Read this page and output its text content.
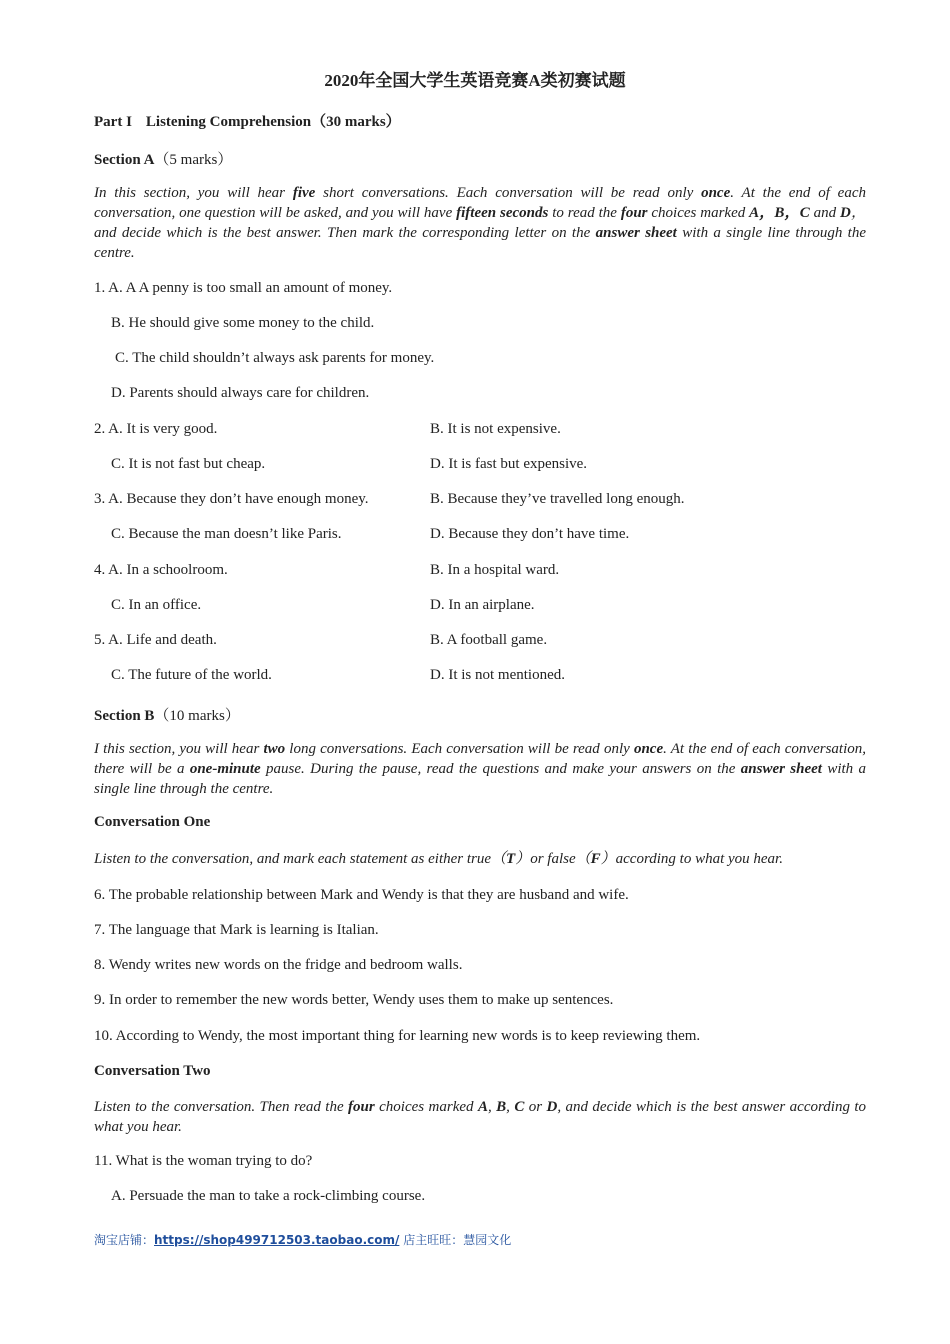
2020年全国大学生英语竞赛A类初赛试题
Part I Listening Comprehension（30 marks）
Section A（5 marks）
In this section, you will hear five short conversations. Each conversation will be read only once. At the end of each conversation, one question will be asked, and you will have fifteen seconds to read the four choices marked A，B，C and D，and decide which is the best answer. Then mark the corresponding letter on the answer sheet with a single line through the centre.
1. A. A A penny is too small an amount of money.
B. He should give some money to the child.
C. The child shouldn’t always ask parents for money.
D. Parents should always care for children.
2. A. It is very good.	B. It is not expensive.
C. It is not fast but cheap.	D. It is fast but expensive.
3. A. Because they don’t have enough money.	B. Because they’ve travelled long enough.
C. Because the man doesn’t like Paris.	D. Because they don’t have time.
4. A. In a schoolroom.	B. In a hospital ward.
C. In an office.	D. In an airplane.
5. A. Life and death.	B. A football game.
C. The future of the world.	D. It is not mentioned.
Section B（10 marks）
I this section, you will hear two long conversations. Each conversation will be read only once. At the end of each conversation, there will be a one-minute pause. During the pause, read the questions and make your answers on the answer sheet with a single line through the centre.
Conversation One
Listen to the conversation, and mark each statement as either true（T）or false（F）according to what you hear.
6. The probable relationship between Mark and Wendy is that they are husband and wife.
7. The language that Mark is learning is Italian.
8. Wendy writes new words on the fridge and bedroom walls.
9. In order to remember the new words better, Wendy uses them to make up sentences.
10. According to Wendy, the most important thing for learning new words is to keep reviewing them.
Conversation Two
Listen to the conversation. Then read the four choices marked A, B, C or D, and decide which is the best answer according to what you hear.
11. What is the woman trying to do?
A. Persuade the man to take a rock-climbing course.
淘宝店铺：https://shop499712503.taobao.com/ 店主旺旺：慧园文化
